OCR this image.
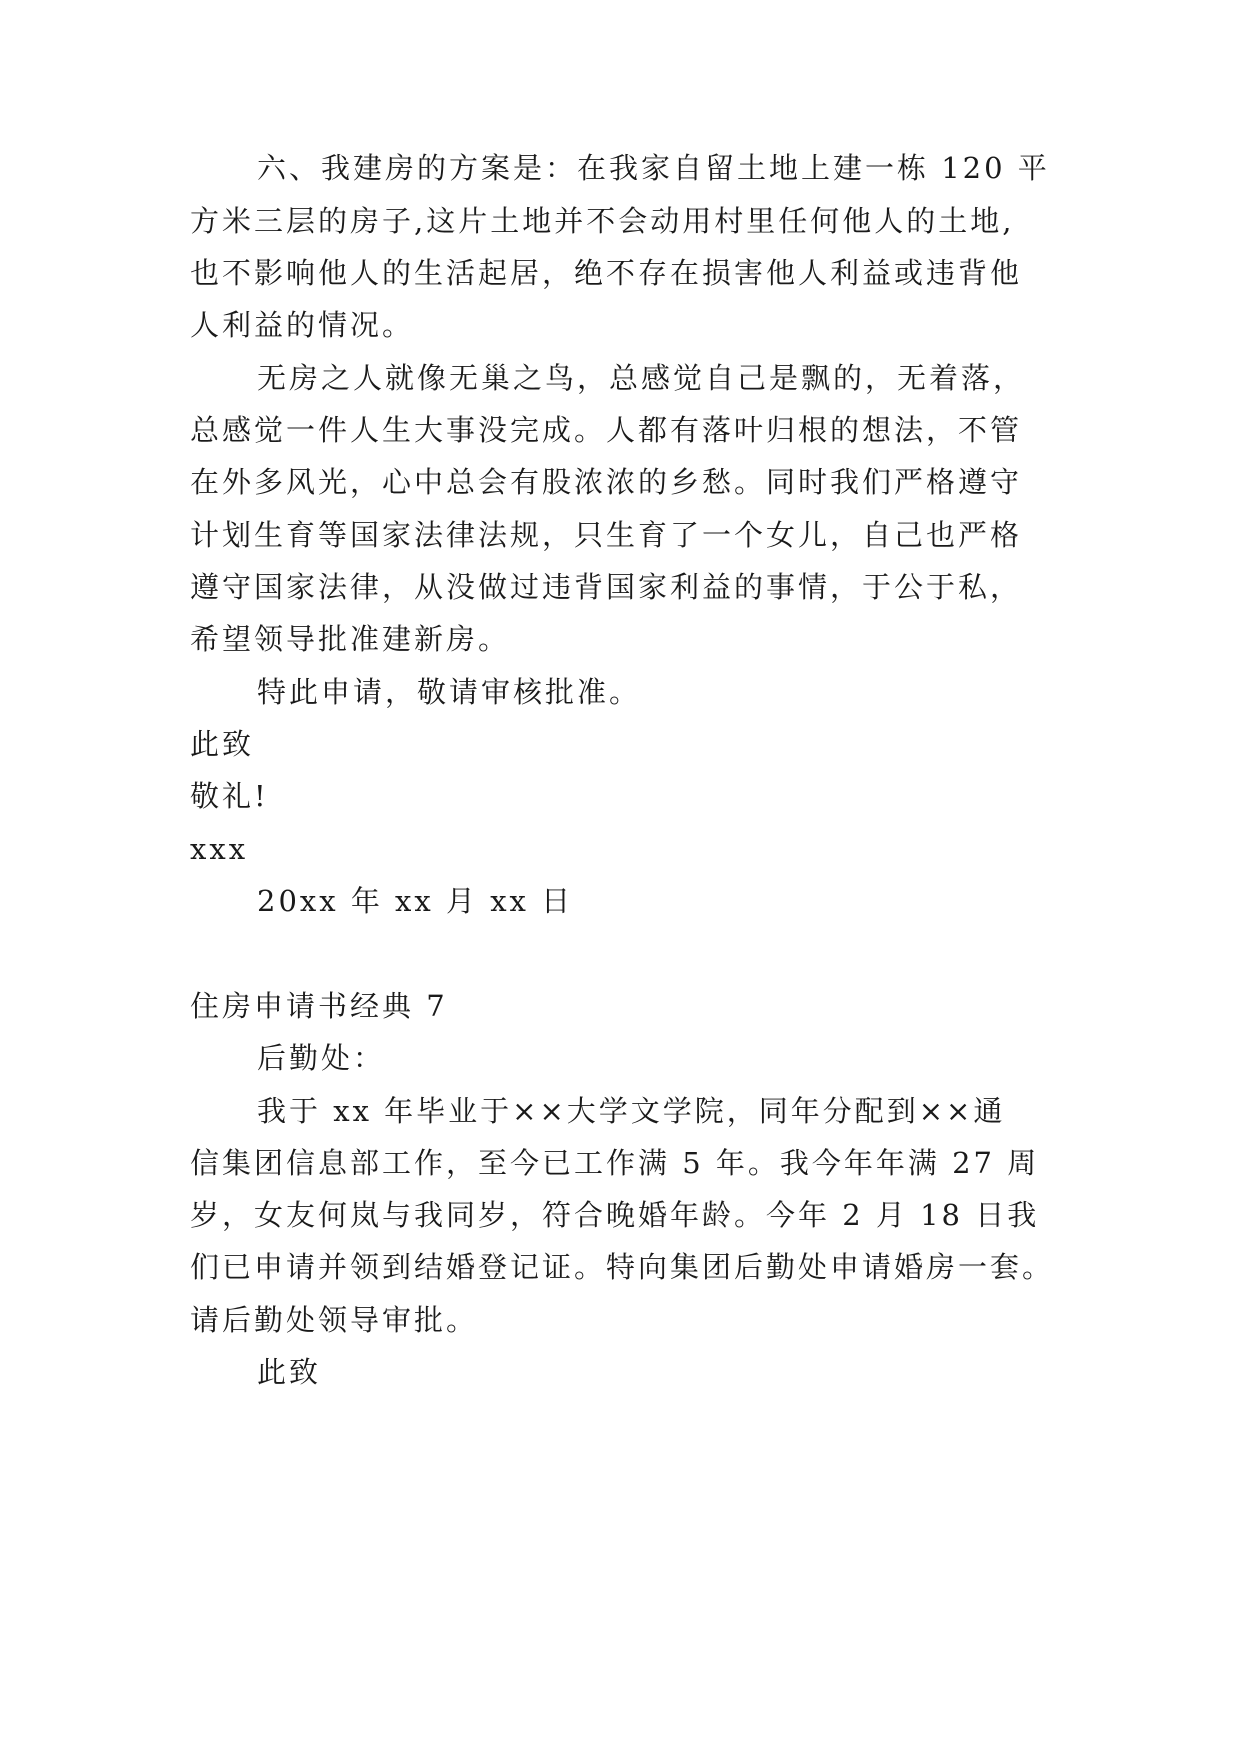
六、我建房的方案是：在我家自留土地上建一栋 120 平
方米三层的房子,这片土地并不会动用村里任何他人的土地,
也不影响他人的生活起居，绝不存在损害他人利益或违背他
人利益的情况。
无房之人就像无巢之鸟，总感觉自己是飘的，无着落，
总感觉一件人生大事没完成。人都有落叶归根的想法，不管
在外多风光，心中总会有股浓浓的乡愁。同时我们严格遵守
计划生育等国家法律法规，只生育了一个女儿，自己也严格
遵守国家法律，从没做过违背国家利益的事情，于公于私，
希望领导批准建新房。
特此申请，敬请审核批准。
此致
敬礼!
xxx
20xx 年 xx 月 xx 日
住房申请书经典 7
后勤处：
我于 xx 年毕业于××大学文学院，同年分配到××通
信集团信息部工作，至今已工作满 5 年。我今年年满 27 周
岁，女友何岚与我同岁，符合晚婚年龄。今年 2 月 18 日我
们已申请并领到结婚登记证。特向集团后勤处申请婚房一套。
请后勤处领导审批。
此致
